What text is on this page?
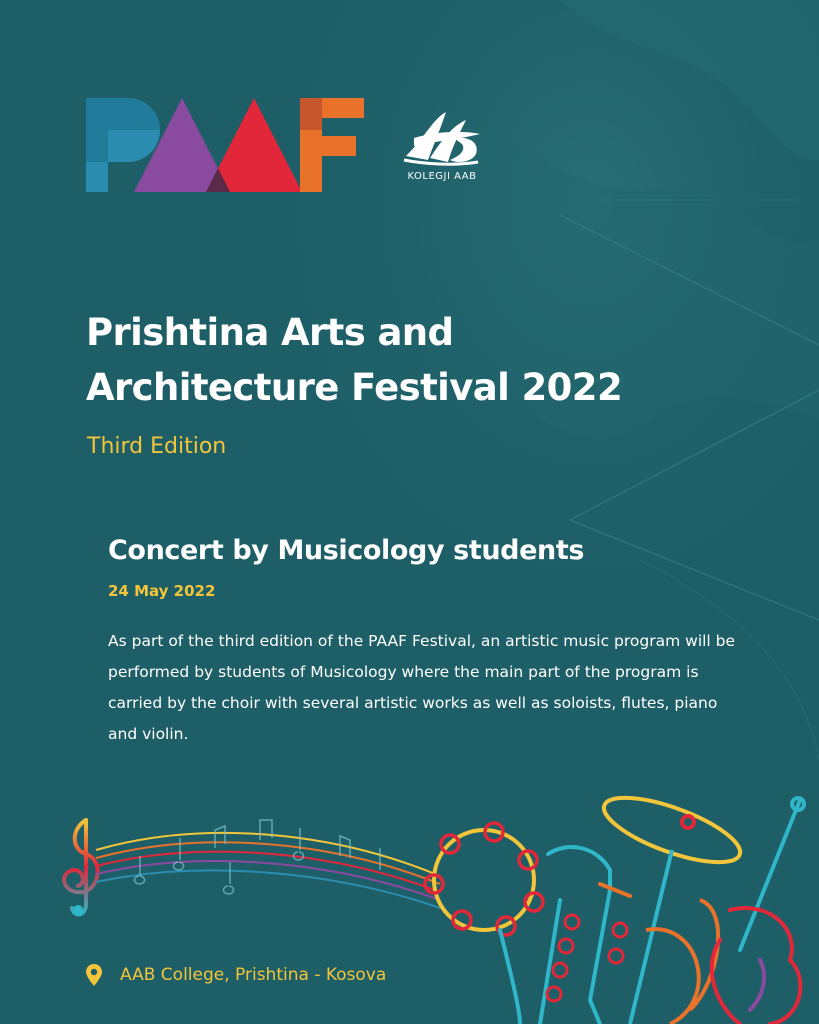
KOLEGJI AAB
Prishtina Arts and
Architecture Festival 2022

Third Edition

Concert by Musicology students

24 May 2022

As part of the third edition of the PAAF Festival, an artistic music program will be performed by students of Musicology where the main part of the program is carried by the choir with several artistic works as well as soloists, flutes, piano and violin.

AAB College, Prishtina - Kosova
